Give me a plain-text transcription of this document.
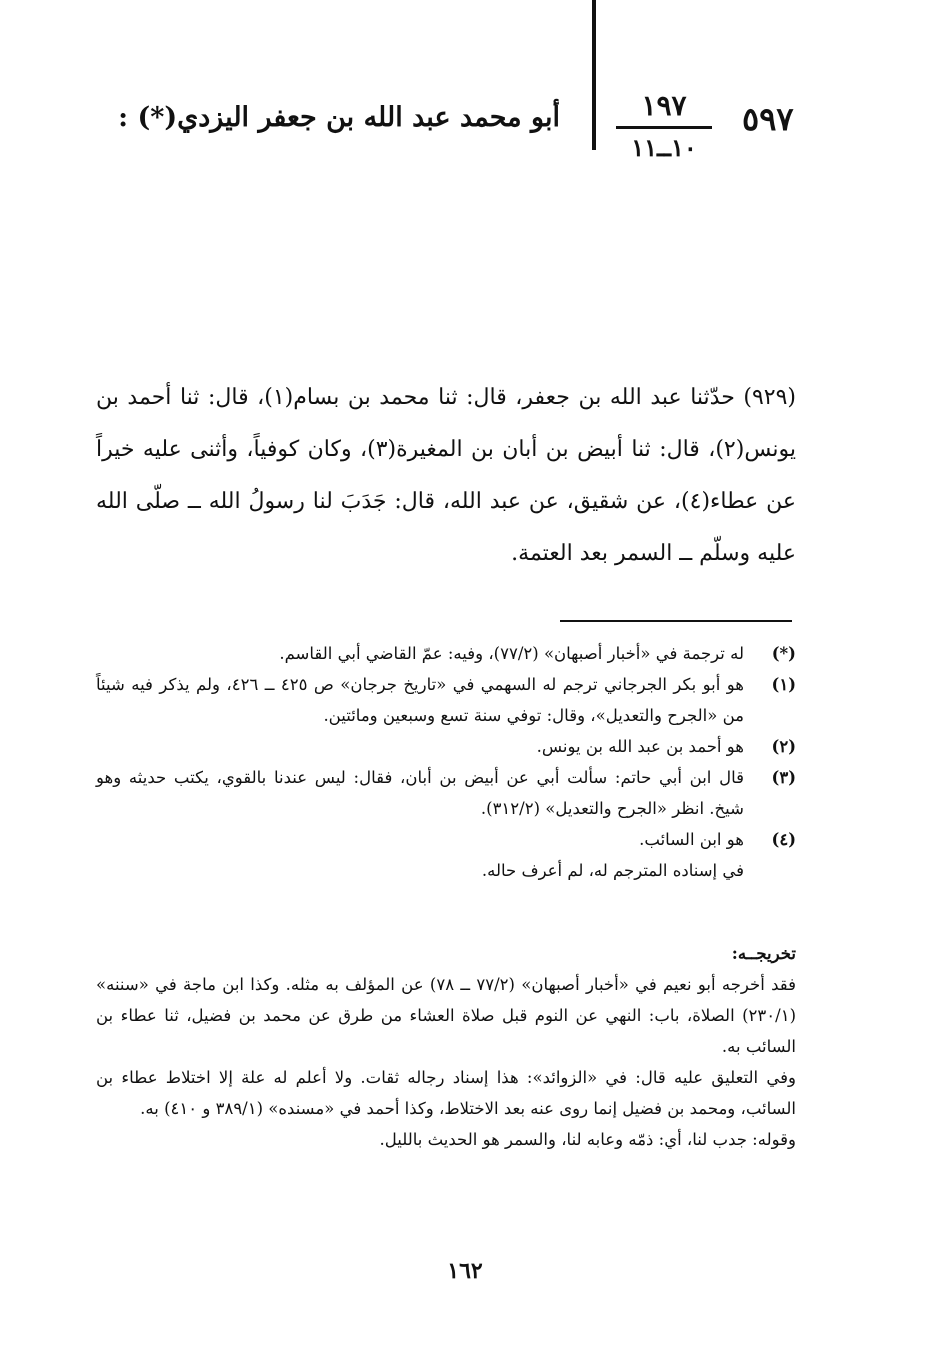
٥٩٧
١٩٧
١٠ــ١١
أبو محمد عبد الله بن جعفر اليزدي(*) :

(٩٢٩) حدّثنا عبد الله بن جعفر، قال: ثنا محمد بن بسام(١)، قال: ثنا أحمد بن يونس(٢)، قال: ثنا أبيض بن أبان بن المغيرة(٣)، وكان كوفياً، وأثنى عليه خيراً عن عطاء(٤)، عن شقيق، عن عبد الله، قال: جَدَبَ لنا رسولُ الله ــ صلّى الله عليه وسلّم ــ السمر بعد العتمة.

(*)
له ترجمة في «أخبار أصبهان» (٧٧/٢)، وفيه: عمّ القاضي أبي القاسم.

(١)
هو أبو بكر الجرجاني ترجم له السهمي في «تاريخ جرجان» ص ٤٢٥ ــ ٤٢٦، ولم يذكر فيه شيئاً من «الجرح والتعديل»، وقال: توفي سنة تسع وسبعين ومائتين.

(٢)
هو أحمد بن عبد الله بن يونس.

(٣)
قال ابن أبي حاتم: سألت أبي عن أبيض بن أبان، فقال: ليس عندنا بالقوي، يكتب حديثه وهو شيخ. انظر «الجرح والتعديل» (٣١٢/٢).

(٤)
هو ابن السائب.

في إسناده المترجم له، لم أعرف حاله.

تخريجــه:

فقد أخرجه أبو نعيم في «أخبار أصبهان» (٧٧/٢ ــ ٧٨) عن المؤلف به مثله. وكذا ابن ماجة في «سننه» (٢٣٠/١) الصلاة، باب: النهي عن النوم قبل صلاة العشاء من طرق عن محمد بن فضيل، ثنا عطاء بن السائب به.

وفي التعليق عليه قال: في «الزوائد»: هذا إسناد رجاله ثقات. ولا أعلم له علة إلا اختلاط عطاء بن السائب، ومحمد بن فضيل إنما روى عنه بعد الاختلاط، وكذا أحمد في «مسنده» (٣٨٩/١ و ٤١٠) به.

وقوله: جدب لنا، أي: ذمّه وعابه لنا، والسمر هو الحديث بالليل.

١٦٢
